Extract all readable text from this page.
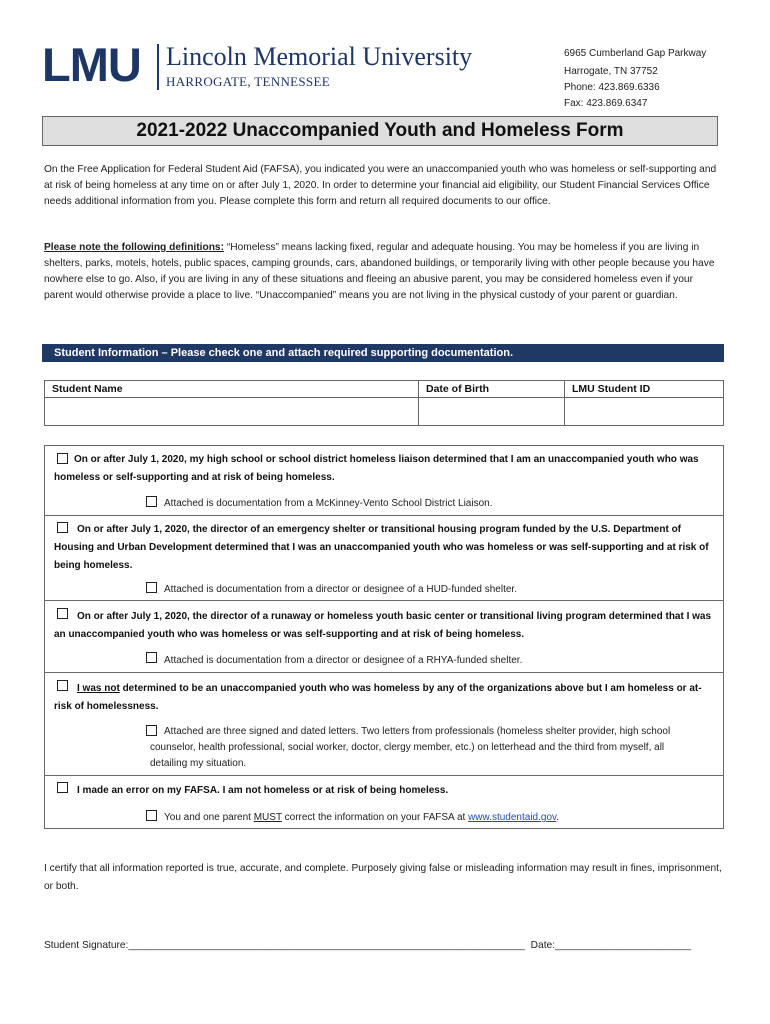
LMU Lincoln Memorial University
HARROGATE, TENNESSEE
6965 Cumberland Gap Parkway
Harrogate, TN 37752
Phone: 423.869.6336
Fax: 423.869.6347
2021-2022 Unaccompanied Youth and Homeless Form
On the Free Application for Federal Student Aid (FAFSA), you indicated you were an unaccompanied youth who was homeless or self-supporting and at risk of being homeless at any time on or after July 1, 2020. In order to determine your financial aid eligibility, our Student Financial Services Office needs additional information from you. Please complete this form and return all required documents to our office.
Please note the following definitions: “Homeless” means lacking fixed, regular and adequate housing. You may be homeless if you are living in shelters, parks, motels, hotels, public spaces, camping grounds, cars, abandoned buildings, or temporarily living with other people because you have nowhere else to go. Also, if you are living in any of these situations and fleeing an abusive parent, you may be considered homeless even if your parent would otherwise provide a place to live. “Unaccompanied” means you are not living in the physical custody of your parent or guardian.
Student Information – Please check one and attach required supporting documentation.
Student Name	Date of Birth	LMU Student ID
On or after July 1, 2020, my high school or school district homeless liaison determined that I am an unaccompanied youth who was homeless or self-supporting and at risk of being homeless.
Attached is documentation from a McKinney-Vento School District Liaison.
On or after July 1, 2020, the director of an emergency shelter or transitional housing program funded by the U.S. Department of Housing and Urban Development determined that I was an unaccompanied youth who was homeless or was self-supporting and at risk of being homeless.
Attached is documentation from a director or designee of a HUD-funded shelter.
On or after July 1, 2020, the director of a runaway or homeless youth basic center or transitional living program determined that I was an unaccompanied youth who was homeless or was self-supporting and at risk of being homeless.
Attached is documentation from a director or designee of a RHYA-funded shelter.
I was not determined to be an unaccompanied youth who was homeless by any of the organizations above but I am homeless or at-risk of homelessness.
Attached are three signed and dated letters. Two letters from professionals (homeless shelter provider, high school counselor, health professional, social worker, doctor, clergy member, etc.) on letterhead and the third from myself, all detailing my situation.
I made an error on my FAFSA. I am not homeless or at risk of being homeless.
You and one parent MUST correct the information on your FAFSA at www.studentaid.gov.
I certify that all information reported is true, accurate, and complete. Purposely giving false or misleading information may result in fines, imprisonment, or both.
Student Signature:______________________________________________________________________ Date:________________________
